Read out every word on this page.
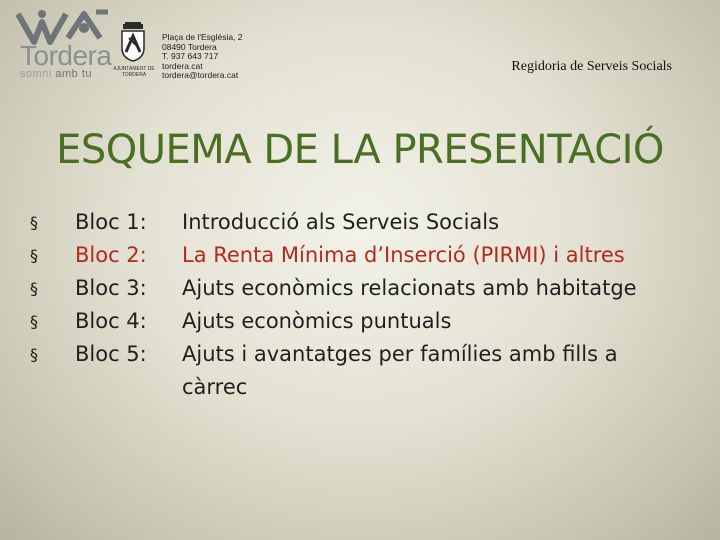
Tordera
somni amb tu	AJUNTAMENT DE TORDERA
Plaça de l'Església, 2
08490 Tordera
T. 937 643 717
tordera.cat
tordera@tordera.cat
Regidoria de Serveis Socials
ESQUEMA DE LA PRESENTACIÓ
§	Bloc 1: Introducció als Serveis Socials
§	Bloc 2: La Renta Mínima d’Inserció (PIRMI) i altres
§	Bloc 3: Ajuts econòmics relacionats amb habitatge
§	Bloc 4: Ajuts econòmics puntuals
§	Bloc 5: Ajuts i avantatges per famílies amb fills a càrrec
